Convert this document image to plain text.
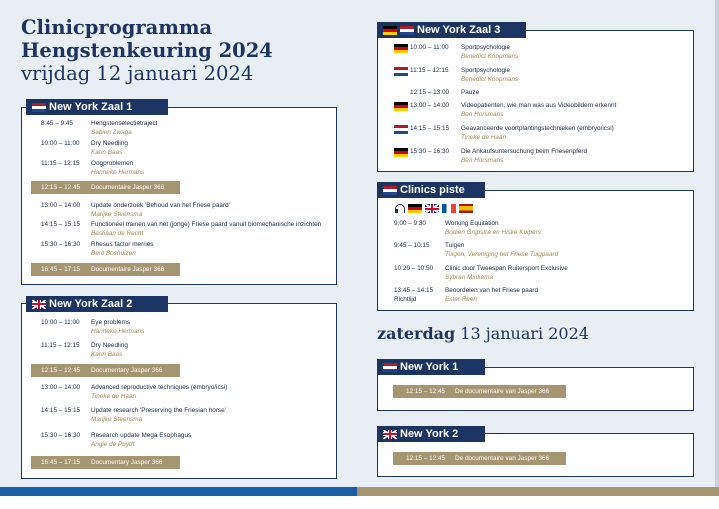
Clinicprogramma
Hengstenkeuring 2024
vrijdag 12 januari 2024
New York Zaal 1
8:45 – 9:45	Hengstenselectietraject
Sabien Zwaga
10:00 – 11:00 Dry Needling
Karin Baas
11:15 – 12:15 Oogproblemen
Hanneke Hermans
12:15 – 12:45 Documentaire Jasper 366
13:00 – 14:00 Update onderzoek 'Behoud van het Friese paard'
Marijke Steensma
14:15 – 15:15 Functioneel trainen van het (jonge) Friese paard vanuit biomechanische inzichten
Bastiaan de Recht
15:30 – 16:30 Rhesus factor merries
Berit Boshuizen
16:45 – 17:15 Documentaire Jasper 366
New York Zaal 2
10:00 – 11:00 Eye problems
Hanneke Hermans
11:15 – 12:15 Dry Needling
Karin Baas
12:15 – 12:45 Documentary Jasper 366
13:00 – 14:00 Advanced reproductive techniques (embryo/icsi)
Tineke de Haan
14:15 – 15:15 Update research 'Preserving the Friesian horse'
Marijke Steensma
15:30 – 16:30 Research update Mega Esophagus
Angie de Puydt
16:45 – 17:15 Documentary Jasper 366
New York Zaal 3
10:00 – 11:00 Sportpsychologie
Benedict Koopmans
11:15 – 12:15 Sportpsychologie
Benedict Koopmans
12:15 – 13:00 Pauze
13:00 – 14:00 Videopatienten, wie man was aus Videobildern erkennt
Ben Horsmans
14:15 – 15:15 Geavanceerde voortplantingstechnieken (embryo/icsi)
Tineke de Haan
15:30 – 16:30 Die Ankaufsuntersuchung beim Friesenpferd
Ben Horsmans
Clinics piste
9:00 – 9:30	Working Equitation
Bodien Grijpstra en Hiske Kuipers
9:45 – 10:15 Tuigen
Tuigen, Vereniging het Friese Tuigpaard
10:20 – 10:50 Clinic door Tweespan Ruitersport Exclusive
Sybran Minkema
13:45 – 14:15 Beoordelen van het Friese paard
Richtlijd	Ester Reen
zaterdag 13 januari 2024
New York 1
12:15 – 12:45 De documentaire van Jasper 366
New York 2
12:15 – 12:45 De documentaire van Jasper 366
